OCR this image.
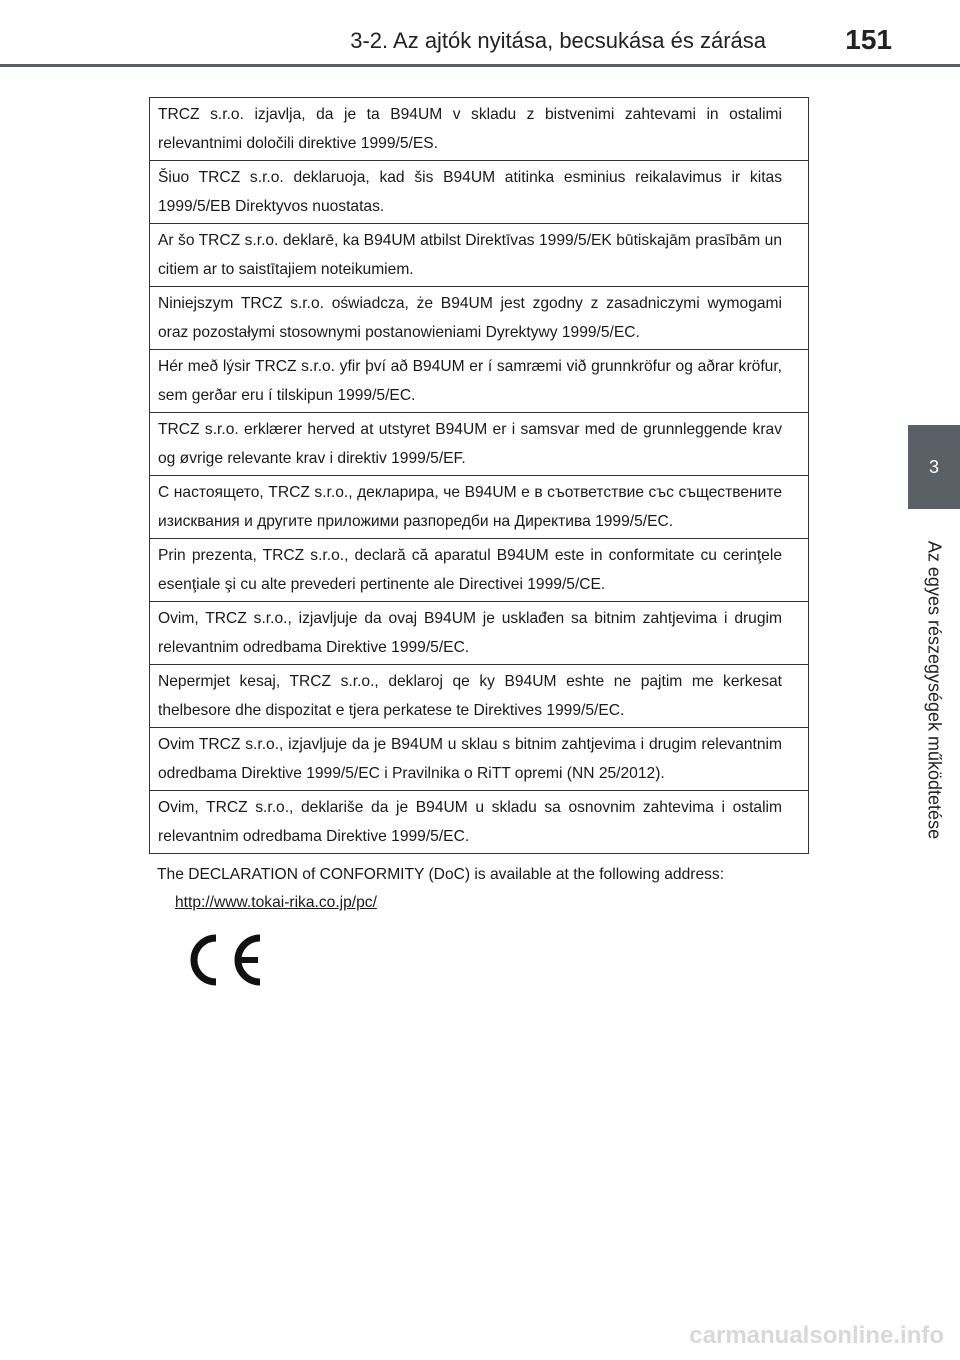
3-2. Az ajtók nyitása, becsukása és zárása	151
3
Az egyes részegységek működtetése
TRCZ s.r.o. izjavlja, da je ta B94UM v skladu z bistvenimi zahtevami in ostalimi relevantnimi določili direktive 1999/5/ES.
Šiuo TRCZ s.r.o. deklaruoja, kad šis B94UM atitinka esminius reikalavimus ir kitas 1999/5/EB Direktyvos nuostatas.
Ar šo TRCZ s.r.o. deklarē, ka B94UM atbilst Direktīvas 1999/5/EK būtiskajām prasībām un citiem ar to saistītajiem noteikumiem.
Niniejszym TRCZ s.r.o. oświadcza, że B94UM jest zgodny z zasadniczymi wymogami oraz pozostałymi stosownymi postanowieniami Dyrektywy 1999/5/EC.
Hér með lýsir TRCZ s.r.o. yfir því að B94UM er í samræmi við grunnkröfur og aðrar kröfur, sem gerðar eru í tilskipun 1999/5/EC.
TRCZ s.r.o. erklærer herved at utstyret B94UM er i samsvar med de grunnleggende krav og øvrige relevante krav i direktiv 1999/5/EF.
С настоящето, TRCZ s.r.o., декларира, че B94UM е в съответствие със съществените изисквания и другите приложими разпоредби на Директива 1999/5/EC.
Prin prezenta, TRCZ s.r.o., declară că aparatul B94UM este in conformitate cu cerinţele esenţiale şi cu alte prevederi pertinente ale Directivei 1999/5/CE.
Ovim, TRCZ s.r.o., izjavljuje da ovaj B94UM je usklađen sa bitnim zahtjevima i drugim relevantnim odredbama Direktive 1999/5/EC.
Nepermjet kesaj, TRCZ s.r.o., deklaroj qe ky B94UM eshte ne pajtim me kerkesat thelbesore dhe dispozitat e tjera perkatese te Direktives 1999/5/EC.
Ovim TRCZ s.r.o., izjavljuje da je B94UM u sklau s bitnim zahtjevima i drugim relevantnim odredbama Direktive 1999/5/EC i Pravilnika o RiTT opremi (NN 25/2012).
Ovim, TRCZ s.r.o., deklariše da je B94UM u skladu sa osnovnim zahtevima i ostalim relevantnim odredbama Direktive 1999/5/EC.
The DECLARATION of CONFORMITY (DoC) is available at the following address:
http://www.tokai-rika.co.jp/pc/
carmanualsonline.info
